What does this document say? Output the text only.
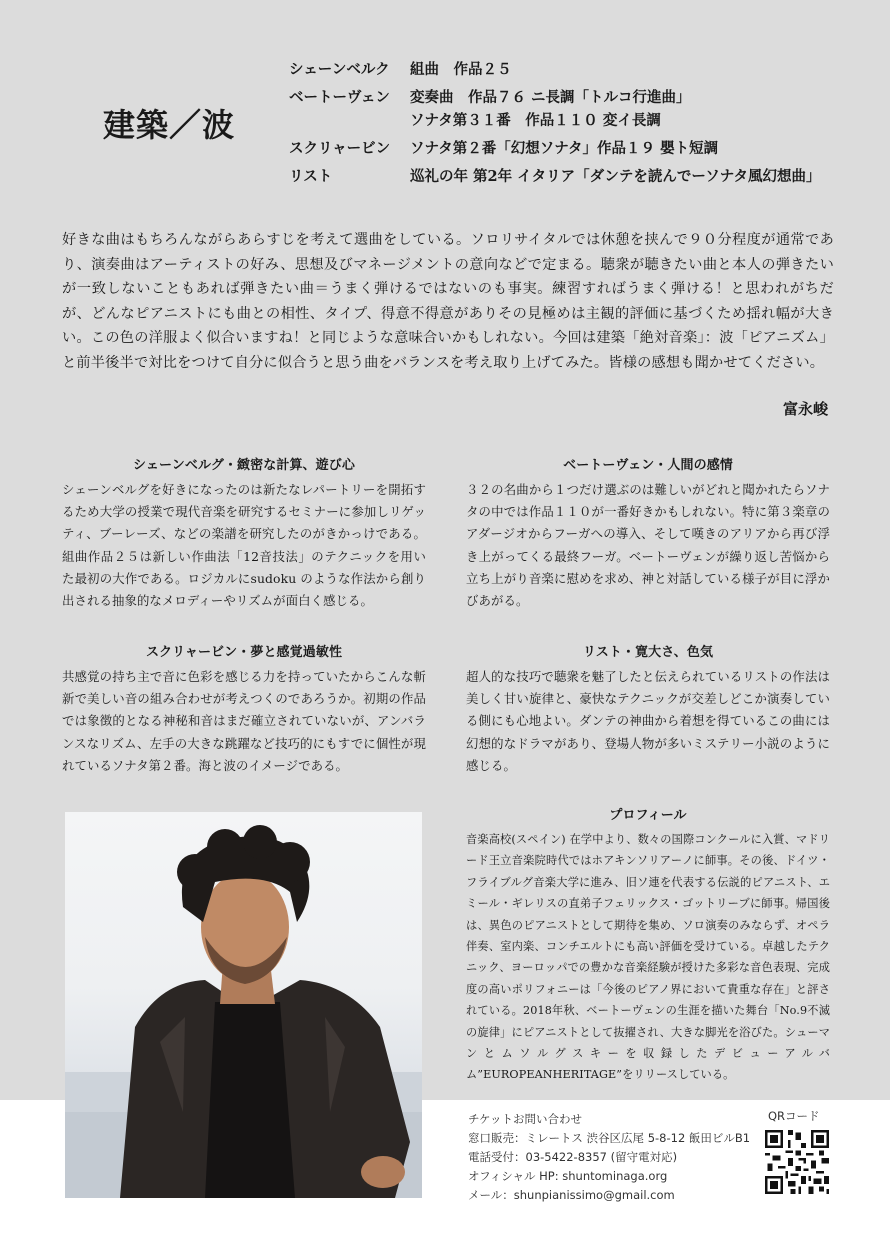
建築／波
シェーンベルク	組曲　作品２５
ベートーヴェン	変奏曲　作品７６ ニ長調「トルコ行進曲」
ソナタ第３１番　作品１１０ 変イ長調
スクリャービン	ソナタ第２番「幻想ソナタ」作品１９ 嬰ト短調
リスト	巡礼の年 第2年 イタリア「ダンテを読んでーソナタ風幻想曲」

好きな曲はもちろんながらあらすじを考えて選曲をしている。ソロリサイタルでは休憩を挟んで９０分程度が通常であり、演奏曲はアーティストの好み、思想及びマネージメントの意向などで定まる。聴衆が聴きたい曲と本人の弾きたいが一致しないこともあれば弾きたい曲＝うまく弾けるではないのも事実。練習すればうまく弾ける！と思われがちだが、どんなピアニストにも曲との相性、タイプ、得意不得意がありその見極めは主観的評価に基づくため揺れ幅が大きい。この色の洋服よく似合いますね！と同じような意味合いかもしれない。今回は建築「絶対音楽」：波「ピアニズム」と前半後半で対比をつけて自分に似合うと思う曲をバランスを考え取り上げてみた。皆様の感想も聞かせてください。

富永峻
シェーンベルグ・緻密な計算、遊び心

シェーンベルグを好きになったのは新たなレパートリーを開拓するため大学の授業で現代音楽を研究するセミナーに参加しリゲッティ、ブーレーズ、などの楽譜を研究したのがきかっけである。組曲作品２５は新しい作曲法「12音技法」のテクニックを用いた最初の大作である。ロジカルにsudoku のような作法から創り出される抽象的なメロディーやリズムが面白く感じる。

ベートーヴェン・人間の感情

３２の名曲から１つだけ選ぶのは難しいがどれと聞かれたらソナタの中では作品１１０が一番好きかもしれない。特に第３楽章のアダージオからフーガへの導入、そして嘆きのアリアから再び浮き上がってくる最終フーガ。ベートーヴェンが繰り返し苦悩から立ち上がり音楽に慰めを求め、神と対話している様子が目に浮かびあがる。

スクリャービン・夢と感覚過敏性

共感覚の持ち主で音に色彩を感じる力を持っていたからこんな斬新で美しい音の組み合わせが考えつくのであろうか。初期の作品では象徴的となる神秘和音はまだ確立されていないが、アンバランスなリズム、左手の大きな跳躍など技巧的にもすでに個性が現れているソナタ第２番。海と波のイメージである。

リスト・寛大さ、色気

超人的な技巧で聴衆を魅了したと伝えられているリストの作法は美しく甘い旋律と、豪快なテクニックが交差しどこか演奏している側にも心地よい。ダンテの神曲から着想を得ているこの曲には幻想的なドラマがあり、登場人物が多いミステリー小説のように感じる。

プロフィール

音楽高校(スペイン) 在学中より、数々の国際コンクールに入賞、マドリード王立音楽院時代ではホアキンソリアーノに師事。その後、ドイツ・フライブルグ音楽大学に進み、旧ソ連を代表する伝説的ピアニスト、エミール・ギレリスの直弟子フェリックス・ゴットリーブに師事。帰国後は、異色のピアニストとして期待を集め、ソロ演奏のみならず、オペラ伴奏、室内楽、コンチエルトにも高い評価を受けている。卓越したテクニック、ヨーロッパでの豊かな音楽経験が授けた多彩な音色表現、完成度の高いポリフォニーは「今後のピアノ界において貴重な存在」と評されている。2018年秋、ベートーヴェンの生涯を描いた舞台「No.9不滅の旋律」にピアニストとして抜擢され、大きな脚光を浴びた。シューマンとムソルグスキーを収録したデビューアルバム”EUROPEANHERITAGE”をリリースしている。

チケットお問い合わせ
窓口販売：ミレートス 渋谷区広尾 5-8-12 飯田ビルB1
電話受付：03-5422-8357 (留守電対応)
オフィシャル HP: shuntominaga.org
メール：shunpianissimo@gmail.com
QRコード
